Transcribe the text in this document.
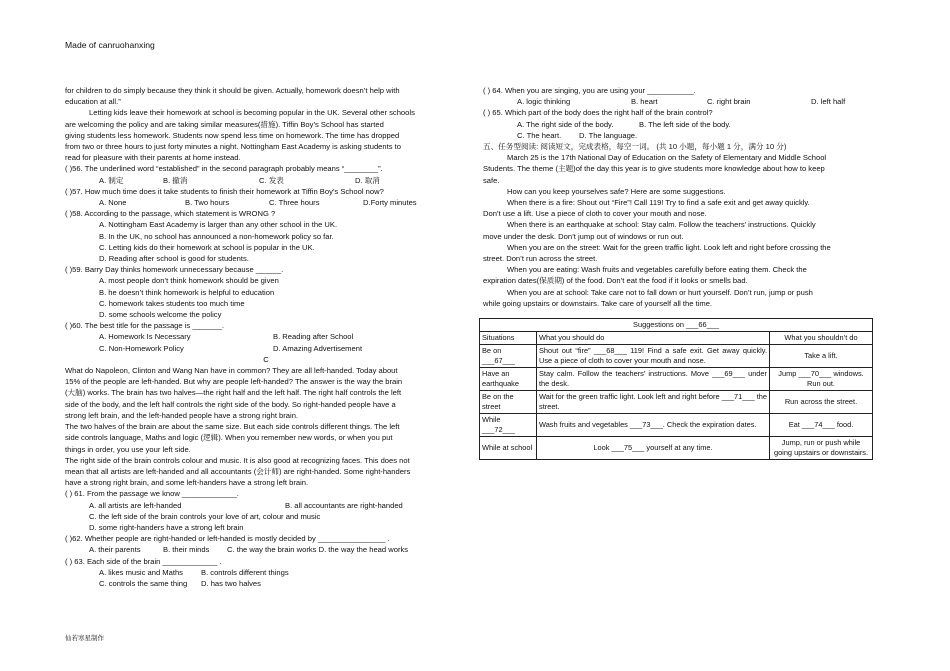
Made of canruohanxing
for children to do simply because they think it should be given. Actually, homework doesn’t help with
education at all.”
Letting kids leave their homework at school is becoming popular in the UK. Several other schools
are welcoming the policy and are taking similar measures(措施). Tiffin Boy’s School has started
giving students less homework. Students now spend less time on homework. The time has dropped
from two or three hours to just forty minutes a night. Nottingham East Academy is asking students to
read for pleasure with their parents at home instead.
( )56. The underlined word “established” in the second paragraph probably means “________”.
A. 制定	B. 撤消	C. 发表	D. 取消
( )57. How much time does it take students to finish their homework at Tiffin Boy’s School now?
A. None	B. Two hours	C. Three hours	D.Forty minutes
( )58. According to the passage, which statement is WRONG ?
A. Nottingham East Academy is larger than any other school in the UK.
B. In the UK, no school has announced a non-homework policy so far.
C. Letting kids do their homework at school is popular in the UK.
D. Reading after school is good for students.
( )59. Barry Day thinks homework unnecessary because ______.
A. most people don’t think homework should be given
B. he doesn’t think homework is helpful to education
C. homework takes students too much time
D. some schools welcome the policy
( )60. The best title for the passage is _______.
A. Homework Is Necessary	B. Reading after School
C. Non-Homework Policy	D. Amazing Advertisement
C
What do Napoleon, Clinton and Wang Nan have in common? They are all left-handed. Today about
15% of the people are left-handed. But why are people left-handed? The answer is the way the brain
(大脑) works. The brain has two halves—the right half and the left half. The right half controls the left
side of the body, and the left half controls the right side of the body. So right-handed people have a
strong left brain, and the left-handed people have a strong right brain.
The two halves of the brain are about the same size. But each side controls different things. The left
side controls language, Maths and logic (逻辑). When you remember new words, or when you put
things in order, you use your left side.
The right side of the brain controls colour and music. It is also good at recognizing faces. This does not
mean that all artists are left-handed and all accountants (会计师) are right-handed. Some right-handers
have a strong right brain, and some left-handers have a strong left brain.
( ) 61. From the passage we know _____________.
A. all artists are left-handed	B. all accountants are right-handed
C. the left side of the brain controls your love of art, colour and music
D. some right-handers have a strong left brain
( )62. Whether people are right-handed or left-handed is mostly decided by ________________ .
A. their parents	B. their minds	C. the way the brain works D. the way the head works
( ) 63. Each side of the brain _____________ .
A. likes music and Maths	B. controls different things
C. controls the same thing	D. has two halves
( ) 64. When you are singing, you are using your ___________.
A. logic thinking	B. heart	C. right brain	D. left half
( ) 65. Which part of the body does the right half of the brain control?
A. The right side of the body.	B. The left side of the body.
C. The heart.	D. The language.
五、任务型阅读: 阅读短文，完成表格，每空一词。 (共 10 小题，每小题 1 分，满分 10 分)
March 25 is the 17th National Day of Education on the Safety of Elementary and Middle School
Students. The theme (主题)of the day this year is to give students more knowledge about how to keep
safe.
How can you keep yourselves safe? Here are some suggestions.
When there is a fire: Shout out “Fire”! Call 119! Try to find a safe exit and get away quickly.
Don’t use a lift. Use a piece of cloth to cover your mouth and nose.
When there is an earthquake at school: Stay calm. Follow the teachers’ instructions. Quickly
move under the desk. Don’t jump out of windows or run out.
When you are on the street: Wait for the green traffic light. Look left and right before crossing the
street. Don’t run across the street.
When you are eating: Wash fruits and vegetables carefully before eating them. Check the
expiration dates(保质期) of the food. Don’t eat the food if it looks or smells bad.
When you are at school: Take care not to fall down or hurt yourself. Don’t run, jump or push
while going upstairs or downstairs. Take care of yourself all the time.
Suggestions on ___66___		
Situations	What you should do	What you shouldn’t do
Be on ___67___	Shout out “fire” ___68___ 119! Find a safe exit. Get away quickly. Use a piece of cloth to cover your mouth and nose.	Take a lift.
Have an earthquake	Stay calm. Follow the teachers’ instructions. Move ___69___ under the desk.	Jump ___70___ windows. Run out.
Be on the street	Wait for the green traffic light. Look left and right before ___71___ the street.	Run across the street.
While ___72___	Wash fruits and vegetables ___73___. Check the expiration dates.	Eat ___74___ food.
While at school	Look ___75___ yourself at any time.	Jump, run or push while going upstairs or downstairs.
仙若寒星制作
